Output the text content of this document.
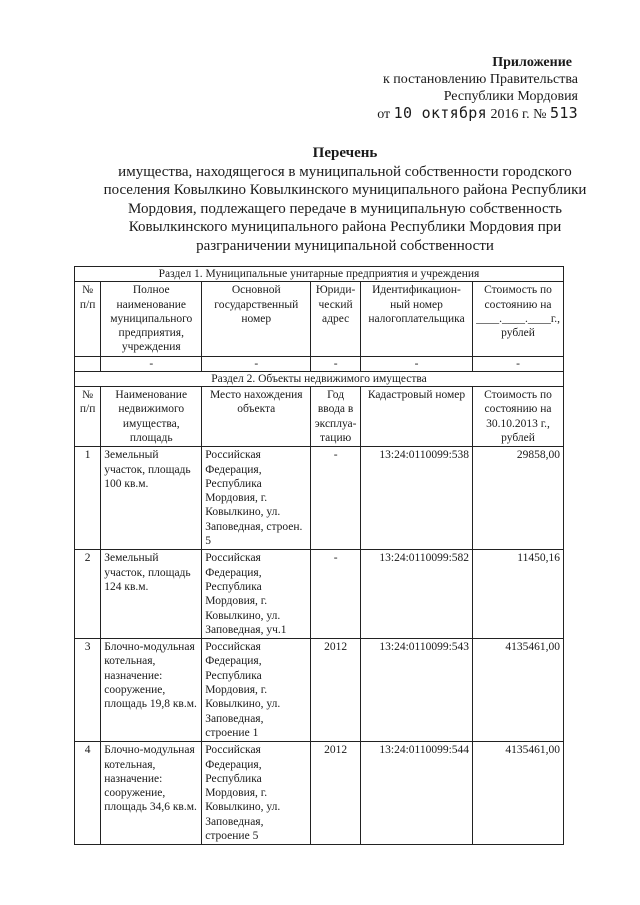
Приложение
к постановлению Правительства
Республики Мордовия
от 10 октября 2016 г. № 513
Перечень
имущества, находящегося в муниципальной собственности городского
поселения Ковылкино Ковылкинского муниципального района Республики
Мордовия, подлежащего передаче в муниципальную собственность
Ковылкинского муниципального района Республики Мордовия при
разграничении муниципальной собственности
Раздел 1. Муниципальные унитарные предприятия и учреждения					
№ п/п	Полное наименование муниципального предприятия, учреждения	Основной государственный номер	Юриди-ческий адрес	Идентификацион-ный номер налогоплательщика	Стоимость по состоянию на
____.____.____г.,
рублей

	-	-	-	-	-
Раздел 2. Объекты недвижимого имущества					
№ п/п	Наименование недвижимого имущества, площадь	Место нахождения объекта	Год ввода в эксплуа-тацию	Кадастровый номер	Стоимость по состоянию на 30.10.2013 г., рублей
1	Земельный участок, площадь 100 кв.м.	Российская Федерация, Республика Мордовия, г. Ковылкино, ул. Заповедная, строен. 5	-	13:24:0110099:538	29858,00
2	Земельный участок, площадь 124 кв.м.	Российская Федерация, Республика Мордовия, г. Ковылкино, ул. Заповедная, уч.1	-	13:24:0110099:582	11450,16
3	Блочно-модульная котельная, назначение: сооружение, площадь 19,8 кв.м.	Российская Федерация, Республика Мордовия, г. Ковылкино, ул. Заповедная, строение 1	2012	13:24:0110099:543	4135461,00
4	Блочно-модульная котельная, назначение: сооружение, площадь 34,6 кв.м.	Российская Федерация, Республика Мордовия, г. Ковылкино, ул. Заповедная, строение 5	2012	13:24:0110099:544	4135461,00
